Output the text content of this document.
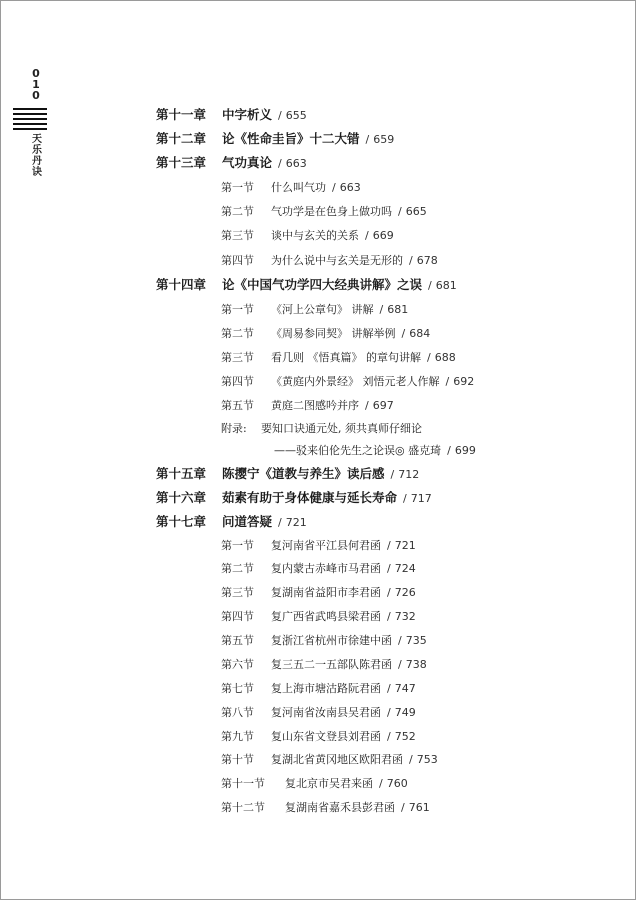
0
1
0
天
乐
丹
诀
第十一章 中字析义 / 655
第十二章 论《性命圭旨》十二大错 / 659
第十三章 气功真论 / 663
第一节 什么叫气功 / 663
第二节 气功学是在色身上做功吗 / 665
第三节 谈中与玄关的关系 / 669
第四节 为什么说中与玄关是无形的 / 678
第十四章 论《中国气功学四大经典讲解》之误 / 681
第一节 《河上公章句》 讲解 / 681
第二节 《周易参同契》 讲解举例 / 684
第三节 看几则 《悟真篇》 的章句讲解 / 688
第四节 《黄庭内外景经》 刘悟元老人作解 / 692
第五节 黄庭二图感吟并序 / 697
附录: 要知口诀通元处, 须共真师仔细论
——驳来伯伦先生之论误◎ 盛克琦 / 699
第十五章 陈撄宁《道教与养生》读后感 / 712
第十六章 茹素有助于身体健康与延长寿命 / 717
第十七章 问道答疑 / 721
第一节 复河南省平江县何君函 / 721
第二节 复内蒙古赤峰市马君函 / 724
第三节 复湖南省益阳市李君函 / 726
第四节 复广西省武鸣县梁君函 / 732
第五节 复浙江省杭州市徐建中函 / 735
第六节 复三五二一五部队陈君函 / 738
第七节 复上海市塘沽路阮君函 / 747
第八节 复河南省汝南县吴君函 / 749
第九节 复山东省文登县刘君函 / 752
第十节 复湖北省黄冈地区欧阳君函 / 753
第十一节 复北京市吴君来函 / 760
第十二节 复湖南省嘉禾县彭君函 / 761
